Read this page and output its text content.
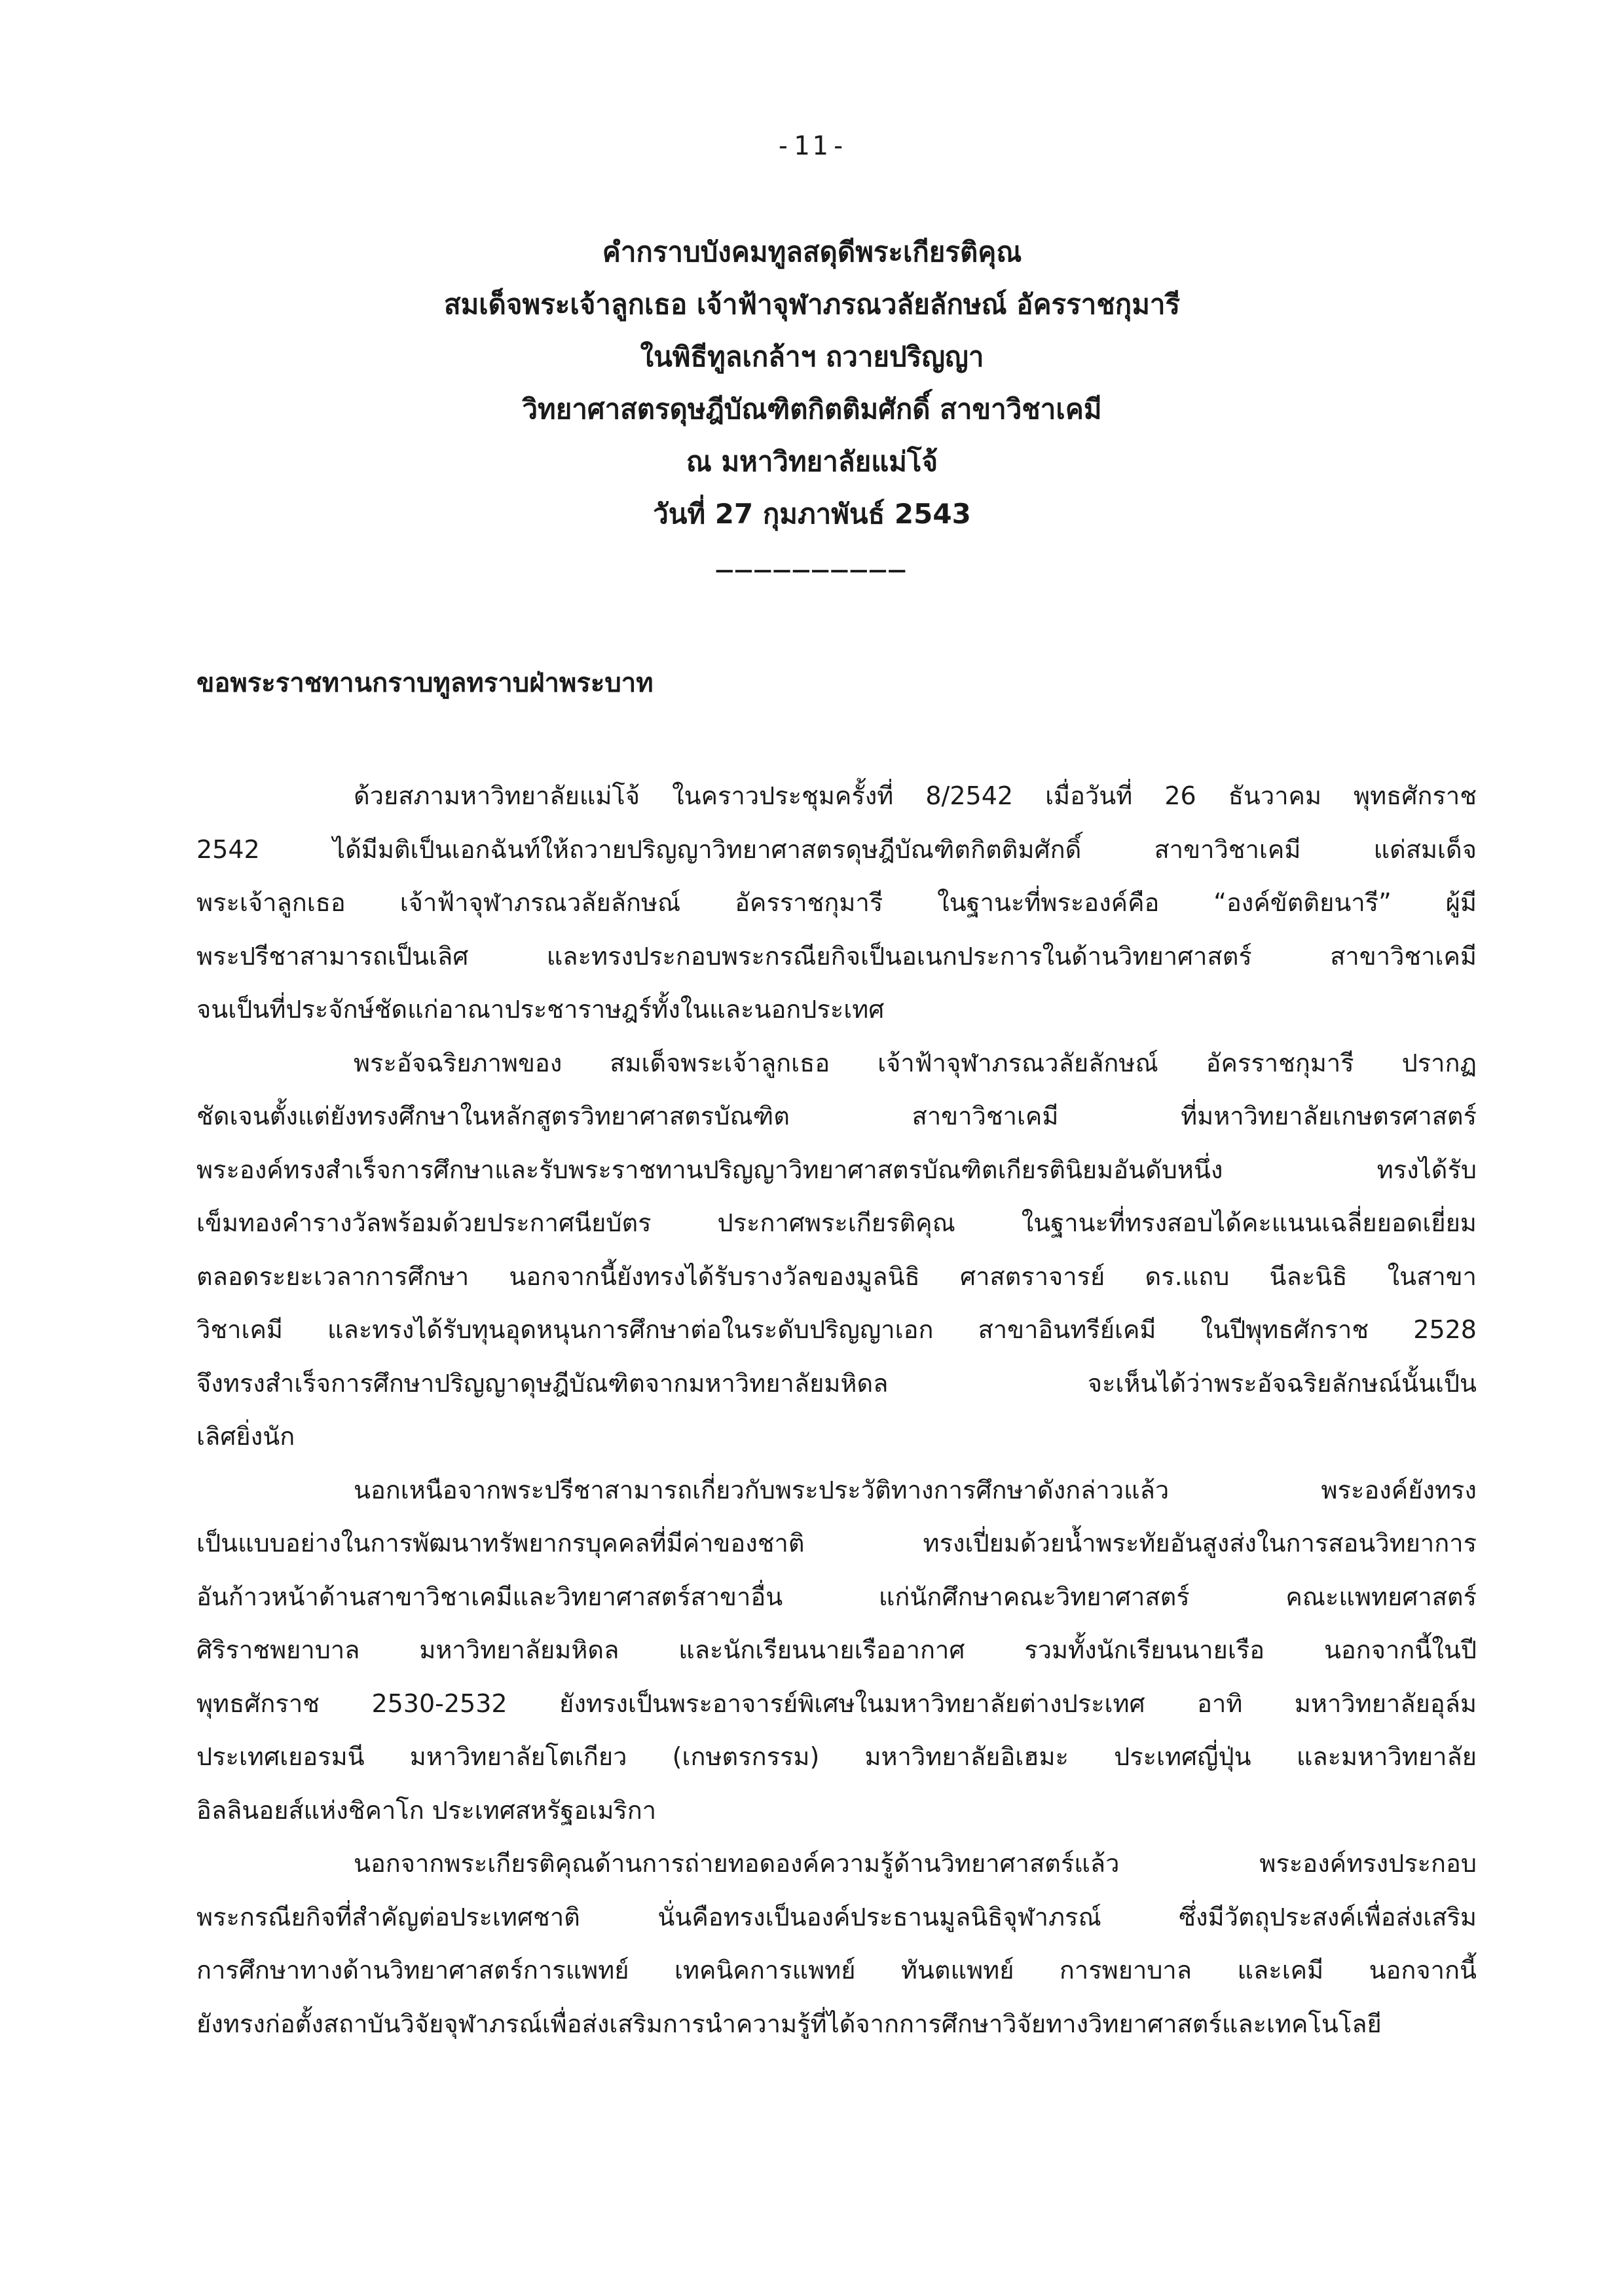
-11-
คำกราบบังคมทูลสดุดีพระเกียรติคุณ
สมเด็จพระเจ้าลูกเธอ เจ้าฟ้าจุฬาภรณวลัยลักษณ์ อัครราชกุมารี
ในพิธีทูลเกล้าฯ ถวายปริญญา
วิทยาศาสตรดุษฎีบัณฑิตกิตติมศักดิ์ สาขาวิชาเคมี
ณ มหาวิทยาลัยแม่โจ้
วันที่ 27 กุมภาพันธ์ 2543
__________
ขอพระราชทานกราบทูลทราบฝ่าพระบาท
ด้วยสภามหาวิทยาลัยแม่โจ้ ในคราวประชุมครั้งที่ 8/2542 เมื่อวันที่ 26 ธันวาคม พุทธศักราช
2542 ได้มีมติเป็นเอกฉันท์ให้ถวายปริญญาวิทยาศาสตรดุษฎีบัณฑิตกิตติมศักดิ์ สาขาวิชาเคมี แด่สมเด็จ
พระเจ้าลูกเธอ เจ้าฟ้าจุฬาภรณวลัยลักษณ์ อัครราชกุมารี ในฐานะที่พระองค์คือ “องค์ขัตติยนารี” ผู้มี
พระปรีชาสามารถเป็นเลิศ และทรงประกอบพระกรณียกิจเป็นอเนกประการในด้านวิทยาศาสตร์ สาขาวิชาเคมี
จนเป็นที่ประจักษ์ชัดแก่อาณาประชาราษฎร์ทั้งในและนอกประเทศ
พระอัจฉริยภาพของ สมเด็จพระเจ้าลูกเธอ เจ้าฟ้าจุฬาภรณวลัยลักษณ์ อัครราชกุมารี ปรากฏ
ชัดเจนตั้งแต่ยังทรงศึกษาในหลักสูตรวิทยาศาสตรบัณฑิต สาขาวิชาเคมี ที่มหาวิทยาลัยเกษตรศาสตร์
พระองค์ทรงสำเร็จการศึกษาและรับพระราชทานปริญญาวิทยาศาสตรบัณฑิตเกียรตินิยมอันดับหนึ่ง ทรงได้รับ
เข็มทองคำรางวัลพร้อมด้วยประกาศนียบัตร ประกาศพระเกียรติคุณ ในฐานะที่ทรงสอบได้คะแนนเฉลี่ยยอดเยี่ยม
ตลอดระยะเวลาการศึกษา นอกจากนี้ยังทรงได้รับรางวัลของมูลนิธิ ศาสตราจารย์ ดร.แถบ นีละนิธิ ในสาขา
วิชาเคมี และทรงได้รับทุนอุดหนุนการศึกษาต่อในระดับปริญญาเอก สาขาอินทรีย์เคมี ในปีพุทธศักราช 2528
จึงทรงสำเร็จการศึกษาปริญญาดุษฎีบัณฑิตจากมหาวิทยาลัยมหิดล จะเห็นได้ว่าพระอัจฉริยลักษณ์นั้นเป็น
เลิศยิ่งนัก
นอกเหนือจากพระปรีชาสามารถเกี่ยวกับพระประวัติทางการศึกษาดังกล่าวแล้ว พระองค์ยังทรง
เป็นแบบอย่างในการพัฒนาทรัพยากรบุคคลที่มีค่าของชาติ ทรงเปี่ยมด้วยน้ำพระทัยอันสูงส่งในการสอนวิทยาการ
อันก้าวหน้าด้านสาขาวิชาเคมีและวิทยาศาสตร์สาขาอื่น แก่นักศึกษาคณะวิทยาศาสตร์ คณะแพทยศาสตร์
ศิริราชพยาบาล มหาวิทยาลัยมหิดล และนักเรียนนายเรืออากาศ รวมทั้งนักเรียนนายเรือ นอกจากนี้ในปี
พุทธศักราช 2530-2532 ยังทรงเป็นพระอาจารย์พิเศษในมหาวิทยาลัยต่างประเทศ อาทิ มหาวิทยาลัยอุล์ม
ประเทศเยอรมนี มหาวิทยาลัยโตเกียว (เกษตรกรรม) มหาวิทยาลัยอิเฮมะ ประเทศญี่ปุ่น และมหาวิทยาลัย
อิลลินอยส์แห่งชิคาโก ประเทศสหรัฐอเมริกา
นอกจากพระเกียรติคุณด้านการถ่ายทอดองค์ความรู้ด้านวิทยาศาสตร์แล้ว พระองค์ทรงประกอบ
พระกรณียกิจที่สำคัญต่อประเทศชาติ นั่นคือทรงเป็นองค์ประธานมูลนิธิจุฬาภรณ์ ซึ่งมีวัตถุประสงค์เพื่อส่งเสริม
การศึกษาทางด้านวิทยาศาสตร์การแพทย์ เทคนิคการแพทย์ ทันตแพทย์ การพยาบาล และเคมี นอกจากนี้
ยังทรงก่อตั้งสถาบันวิจัยจุฬาภรณ์เพื่อส่งเสริมการนำความรู้ที่ได้จากการศึกษาวิจัยทางวิทยาศาสตร์และเทคโนโลยี
